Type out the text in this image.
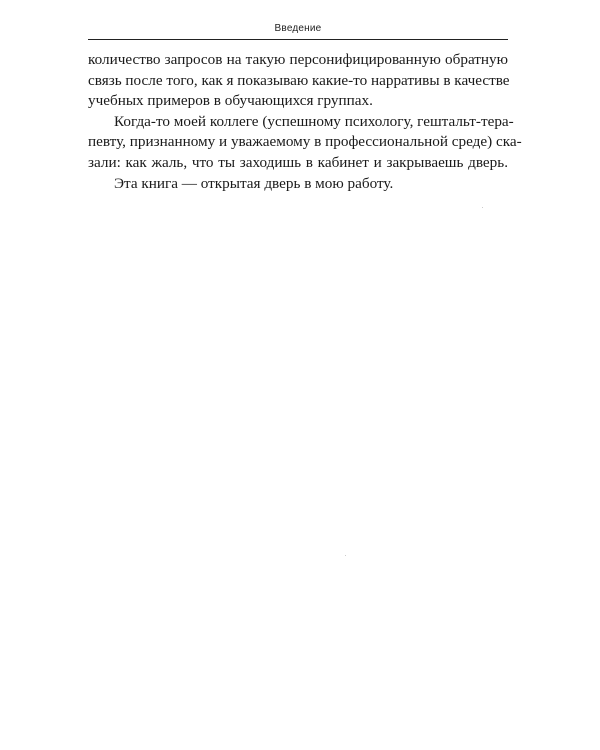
Введение
количество запросов на такую персонифицированную обратную
связь после того, как я показываю какие-то нарративы в качестве
учебных примеров в обучающихся группах.
Когда-то моей коллеге (успешному психологу, гештальт-тера-
певту, признанному и уважаемому в профессиональной среде) ска-
зали: как жаль, что ты заходишь в кабинет и закрываешь дверь.
Эта книга — открытая дверь в мою работу.
